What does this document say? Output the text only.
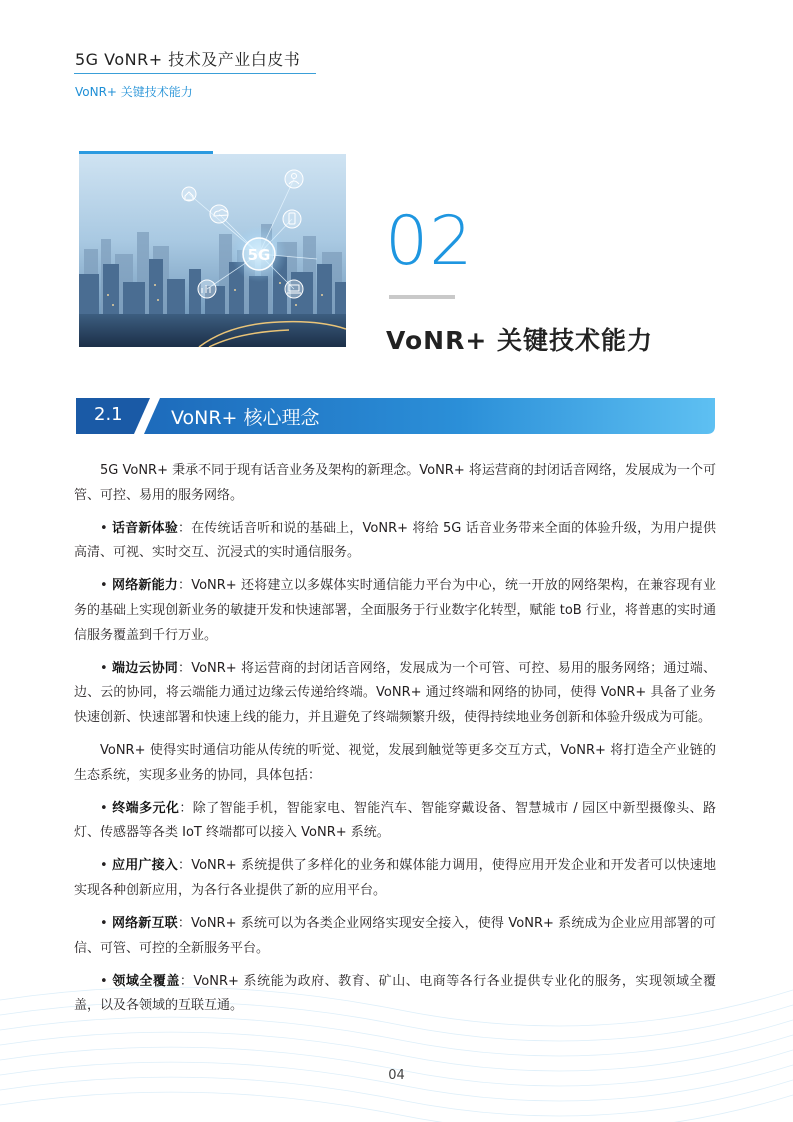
5G VoNR+ 技术及产业白皮书
VoNR+ 关键技术能力
5G 02
VoNR+ 关键技术能力
2.1	VoNR+ 核心理念

5G VoNR+ 秉承不同于现有话音业务及架构的新理念。VoNR+ 将运营商的封闭话音网络，发展成为一个可管、可控、易用的服务网络。

• 话音新体验：在传统话音听和说的基础上，VoNR+ 将给 5G 话音业务带来全面的体验升级，为用户提供高清、可视、实时交互、沉浸式的实时通信服务。

• 网络新能力：VoNR+ 还将建立以多媒体实时通信能力平台为中心，统一开放的网络架构，在兼容现有业务的基础上实现创新业务的敏捷开发和快速部署，全面服务于行业数字化转型，赋能 toB 行业，将普惠的实时通信服务覆盖到千行万业。

• 端边云协同：VoNR+ 将运营商的封闭话音网络，发展成为一个可管、可控、易用的服务网络；通过端、边、云的协同，将云端能力通过边缘云传递给终端。VoNR+ 通过终端和网络的协同，使得 VoNR+ 具备了业务快速创新、快速部署和快速上线的能力，并且避免了终端频繁升级，使得持续地业务创新和体验升级成为可能。

VoNR+ 使得实时通信功能从传统的听觉、视觉，发展到触觉等更多交互方式，VoNR+ 将打造全产业链的生态系统，实现多业务的协同，具体包括：

• 终端多元化：除了智能手机，智能家电、智能汽车、智能穿戴设备、智慧城市 / 园区中新型摄像头、路灯、传感器等各类 IoT 终端都可以接入 VoNR+ 系统。

• 应用广接入：VoNR+ 系统提供了多样化的业务和媒体能力调用，使得应用开发企业和开发者可以快速地实现各种创新应用，为各行各业提供了新的应用平台。

• 网络新互联：VoNR+ 系统可以为各类企业网络实现安全接入，使得 VoNR+ 系统成为企业应用部署的可信、可管、可控的全新服务平台。

• 领域全覆盖：VoNR+ 系统能为政府、教育、矿山、电商等各行各业提供专业化的服务，实现领域全覆盖，以及各领域的互联互通。

04
